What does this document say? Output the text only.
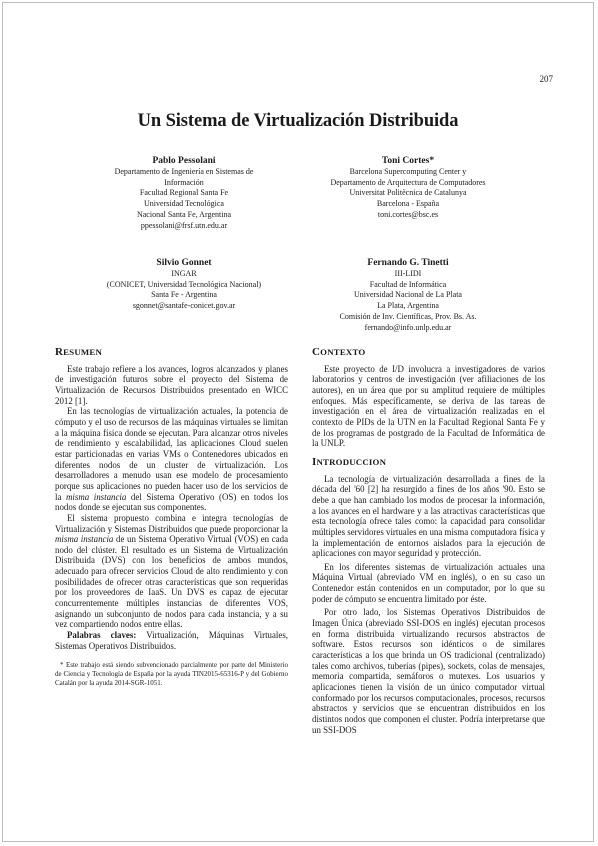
207
Un Sistema de Virtualización Distribuida
Pablo Pessolani
Departamento de Ingeniería en Sistemas de
Información
Facultad Regional Santa Fe
Universidad Tecnológica
Nacional Santa Fe, Argentina
ppessolani@frsf.utn.edu.ar
Toni Cortes*
Barcelona Supercomputing Center y
Departamento de Arquitectura de Computadores
Universitat Politècnica de Catalunya
Barcelona - España
toni.cortes@bsc.es
Silvio Gonnet
INGAR
(CONICET, Universidad Tecnológica Nacional)
Santa Fe - Argentina
sgonnet@santafe-conicet.gov.ar
Fernando G. Tinetti
III-LIDI
Facultad de Informática
Universidad Nacional de La Plata
La Plata, Argentina
Comisión de Inv. Científicas, Prov. Bs. As.
fernando@info.unlp.edu.ar
RESUMEN

Este trabajo refiere a los avances, logros alcanzados y planes de investigación futuros sobre el proyecto del Sistema de Virtualización de Recursos Distribuidos presentado en WICC 2012 [1].

En las tecnologías de virtualización actuales, la potencia de cómputo y el uso de recursos de las máquinas virtuales se limitan a la máquina física donde se ejecutan. Para alcanzar otros niveles de rendimiento y escalabilidad, las aplicaciones Cloud suelen estar particionadas en varias VMs o Contenedores ubicados en diferentes nodos de un cluster de virtualización. Los desarrolladores a menudo usan ese modelo de procesamiento porque sus aplicaciones no pueden hacer uso de los servicios de la misma instancia del Sistema Operativo (OS) en todos los nodos donde se ejecutan sus componentes.

El sistema propuesto combina e integra tecnologías de Virtualización y Sistemas Distribuidos que puede proporcionar la misma instancia de un Sistema Operativo Virtual (VOS) en cada nodo del clúster. El resultado es un Sistema de Virtualización Distribuida (DVS) con los beneficios de ambos mundos, adecuado para ofrecer servicios Cloud de alto rendimiento y con posibilidades de ofrecer otras características que son requeridas por los proveedores de IaaS. Un DVS es capaz de ejecutar concurrentemente múltiples instancias de diferentes VOS, asignando un subconjunto de nodos para cada instancia, y a su vez compartiendo nodos entre ellas.

Palabras claves: Virtualización, Máquinas Virtuales, Sistemas Operativos Distribuidos.

* Este trabajo está siendo subvencionado parcialmente por parte del Ministerio de Ciencia y Tecnología de España por la ayuda TIN2015-65316-P y del Gobierno Catalán por la ayuda 2014-SGR-1051.
CONTEXTO

Este proyecto de I/D involucra a investigadores de varios laboratorios y centros de investigación (ver afiliaciones de los autores), en un área que por su amplitud requiere de múltiples enfoques. Más específicamente, se deriva de las tareas de investigación en el área de virtualización realizadas en el contexto de PIDs de la UTN en la Facultad Regional Santa Fe y de los programas de postgrado de la Facultad de Informática de la UNLP.

INTRODUCCION

La tecnología de virtualización desarrollada a fines de la década del '60 [2] ha resurgido a fines de los años '90. Esto se debe a que han cambiado los modos de procesar la información, a los avances en el hardware y a las atractivas características que esta tecnología ofrece tales como: la capacidad para consolidar múltiples servidores virtuales en una misma computadora física y la implementación de entornos aislados para la ejecución de aplicaciones con mayor seguridad y protección.

En los diferentes sistemas de virtualización actuales una Máquina Virtual (abreviado VM en inglés), o en su caso un Contenedor están contenidos en un computador, por lo que su poder de cómputo se encuentra limitado por éste.

Por otro lado, los Sistemas Operativos Distribuidos de Imagen Única (abreviado SSI-DOS en inglés) ejecutan procesos en forma distribuida virtualizando recursos abstractos de software. Estos recursos son idénticos o de similares características a los que brinda un OS tradicional (centralizado) tales como archivos, tuberías (pipes), sockets, colas de mensajes, memoria compartida, semáforos o mutexes. Los usuarios y aplicaciones tienen la visión de un único computador virtual conformado por los recursos computacionales, procesos, recursos abstractos y servicios que se encuentran distribuidos en los distintos nodos que componen el cluster. Podría interpretarse que un SSI-DOS
